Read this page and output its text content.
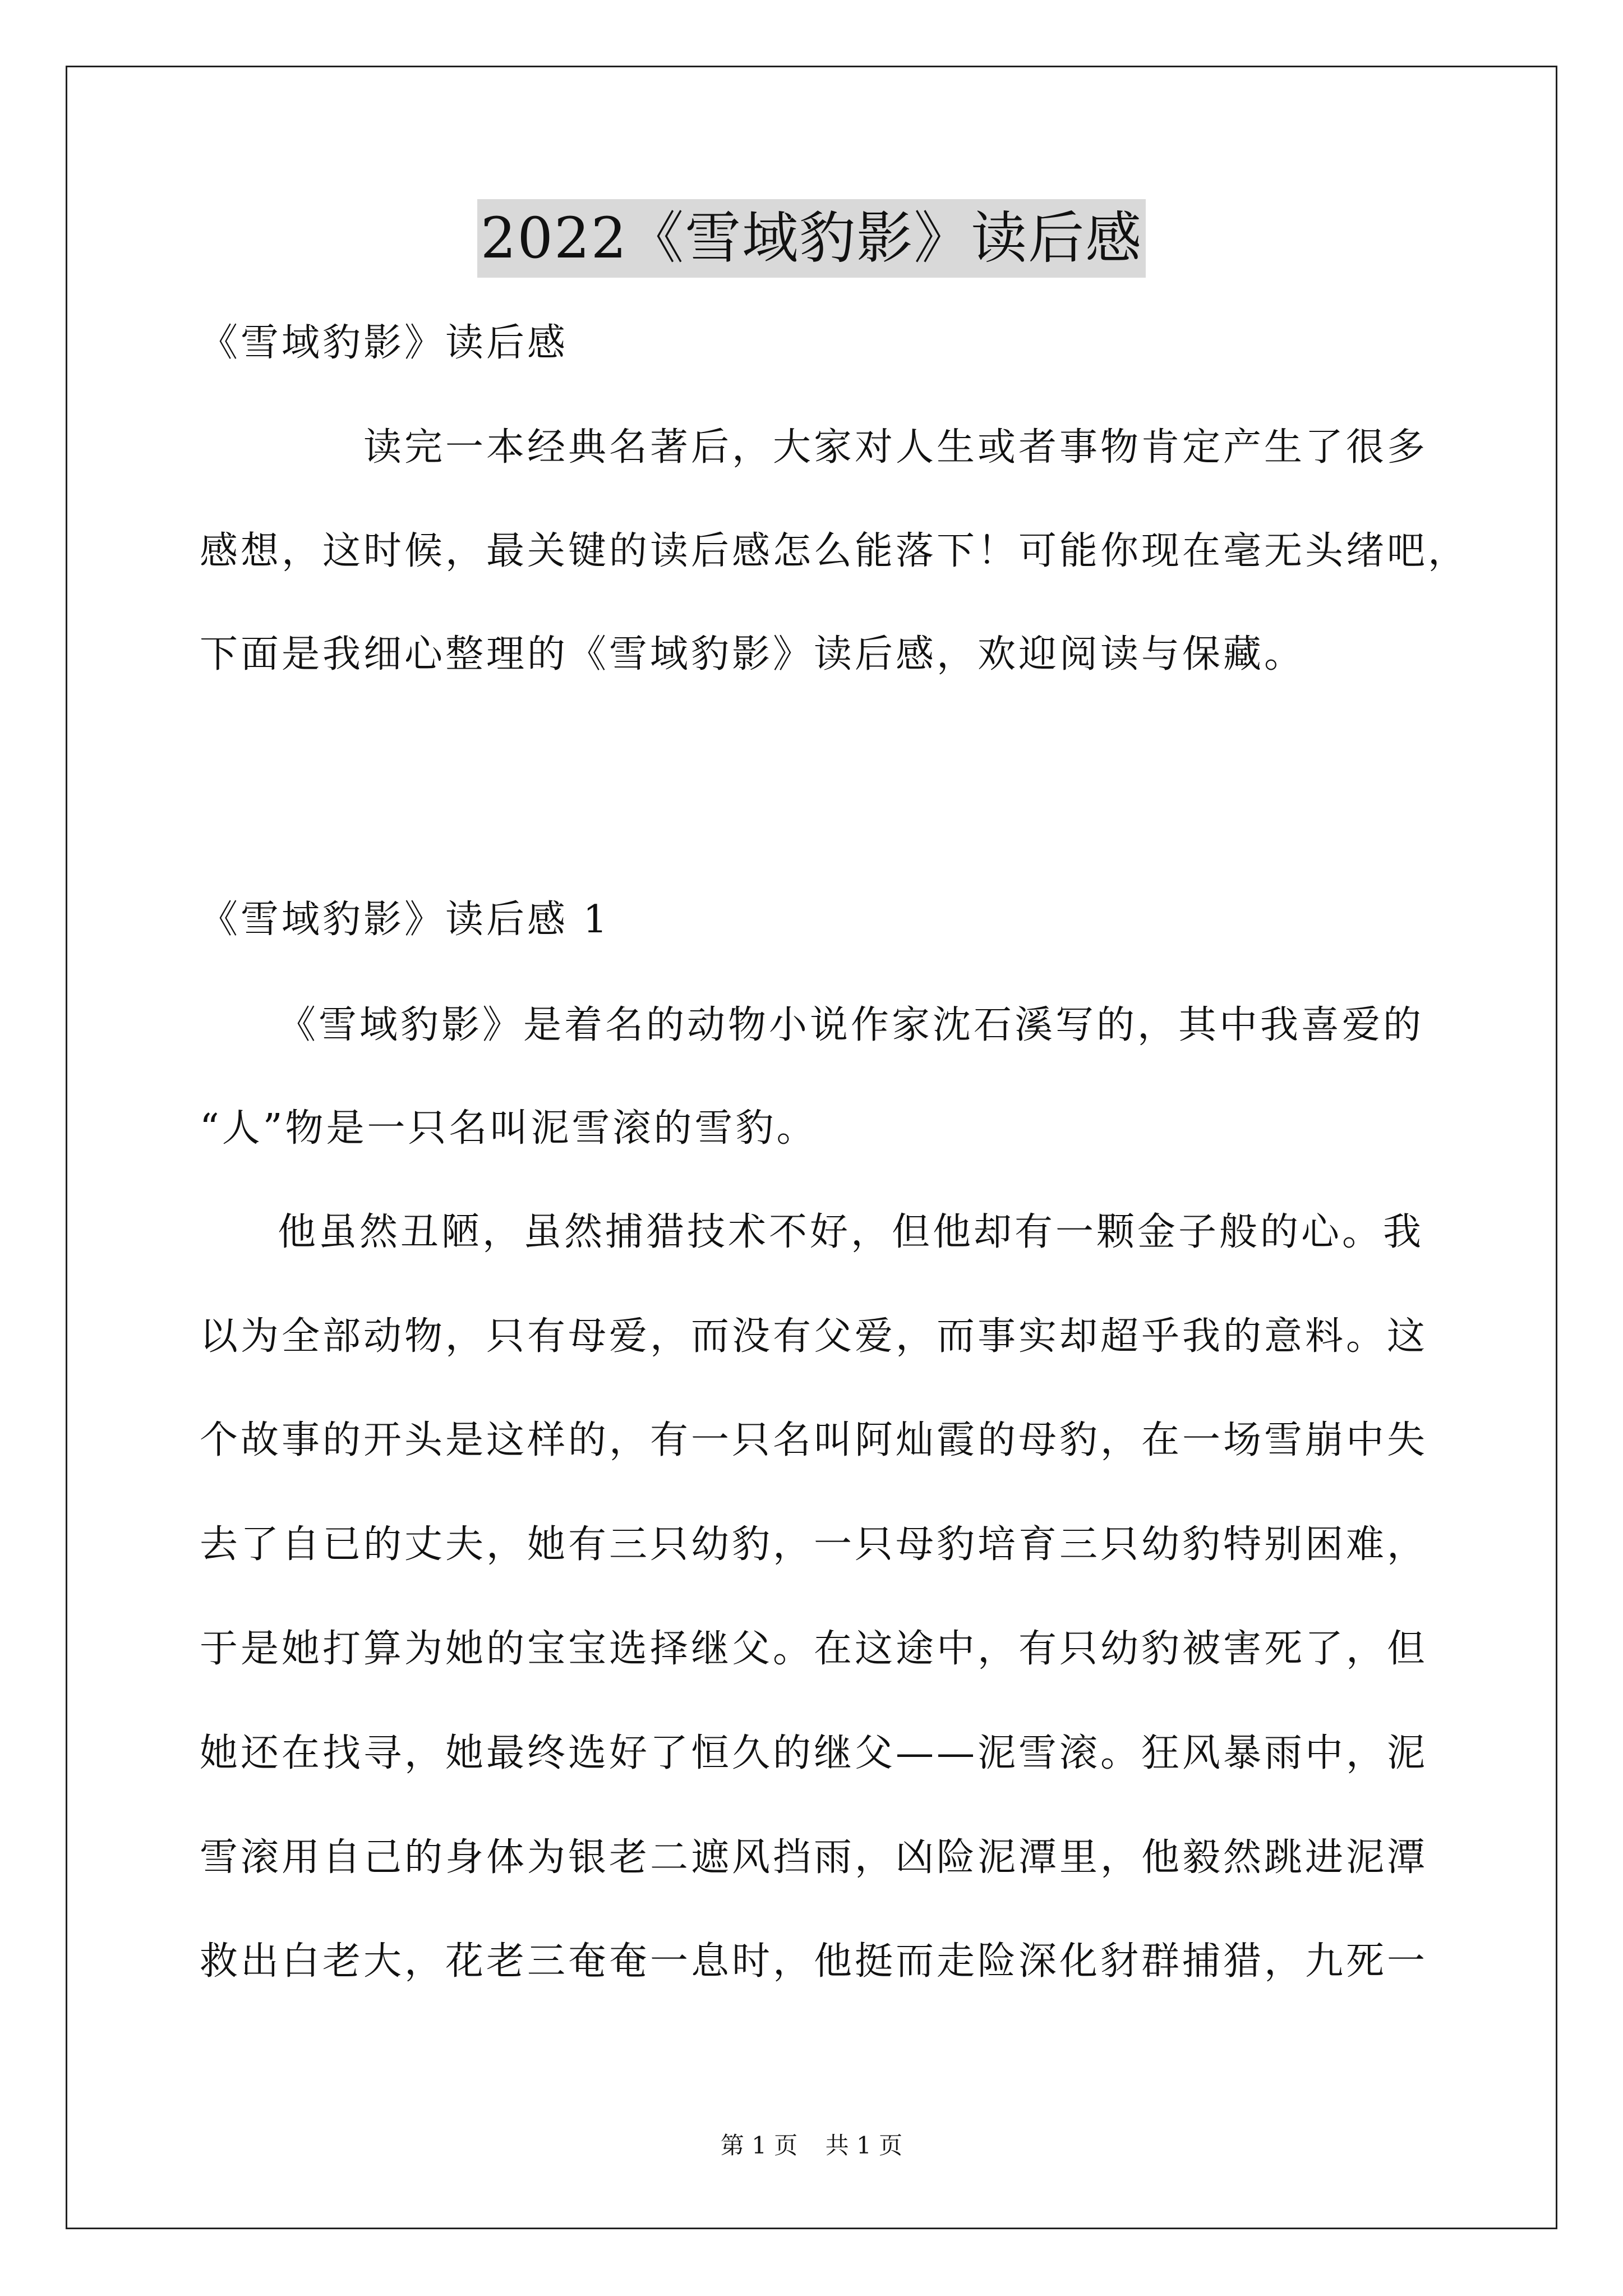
2022《雪域豹影》读后感
《雪域豹影》读后感
读完一本经典名著后，大家对人生或者事物肯定产生了很多
感想，这时候，最关键的读后感怎么能落下！可能你现在毫无头绪吧，
下面是我细心整理的《雪域豹影》读后感，欢迎阅读与保藏。
《雪域豹影》读后感 1
《雪域豹影》是着名的动物小说作家沈石溪写的，其中我喜爱的
“人”物是一只名叫泥雪滚的雪豹。
他虽然丑陋，虽然捕猎技术不好，但他却有一颗金子般的心。我
以为全部动物，只有母爱，而没有父爱，而事实却超乎我的意料。这
个故事的开头是这样的，有一只名叫阿灿霞的母豹，在一场雪崩中失
去了自已的丈夫，她有三只幼豹，一只母豹培育三只幼豹特别困难，
于是她打算为她的宝宝选择继父。在这途中，有只幼豹被害死了，但
她还在找寻，她最终选好了恒久的继父——泥雪滚。狂风暴雨中，泥
雪滚用自己的身体为银老二遮风挡雨，凶险泥潭里，他毅然跳进泥潭
救出白老大，花老三奄奄一息时，他挺而走险深化豺群捕猎，九死一
第 1 页 共 1 页
